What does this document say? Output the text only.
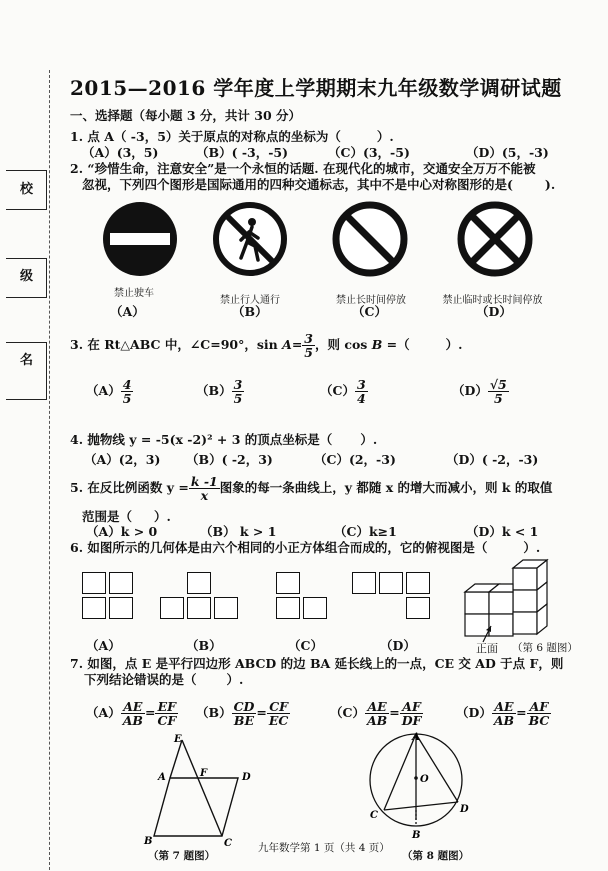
校
级
名
2015—2016 学年度上学期期末九年级数学调研试题
一、选择题（每小题 3 分，共计 30 分）
1. 点 A（ -3，5）关于原点的对称点的坐标为（	）.
（A）(3，5)	（B）( -3，-5)	（C）(3，-5)	（D）(5，-3)
2. “珍惜生命，注意安全”是一个永恒的话题. 在现代化的城市，交通安全万万不能被
忽视，下列四个图形是国际通用的四种交通标志，其中不是中心对称图形的是(	).
禁止驶车
禁止行人通行	禁止长时间停放	禁止临时或长时间停放
（A）	（B）	（C）	（D）
3. 在 Rt△ABC 中，∠C=90°，$\sin A= \frac{3}{5}$ ，则 cos B =（	）.
$(A) \frac{4}{5}$	$(B) \frac{3}{5}$	$(C) \frac{3}{4}$	$(D) \frac{√5}{5}$
4. 抛物线 y = -5(x -2)² + 3 的顶点坐标是（ ）.
（A）(2，3) （B）( -2，3)	（C）(2，-3)	（D）( -2，-3)
5. 在反比例函数 $y = \frac{k -1}{x}$ 图象的每一条曲线上，y 都随 x 的增大而减小，则 k 的取值
范围是（ ）.
（A）k > 0	（B） k > 1	（C）k≥1	（D）k < 1
6. 如图所示的几何体是由六个相同的小正方体组合而成的，它的俯视图是（	）.
（A）	（B）	（C）	（D）	正面 （第 6 题图）
7. 如图，点 E 是平行四边形 ABCD 的边 BA 延长线上的一点，CE 交 AD 于点 F，则
下列结论错误的是（ ）.
$(A) \frac{AE}{AB} = \frac{EF}{CF} (B) \frac{CD}{BE} = \frac{CF}{EC}$	$(C) \frac{AE}{AB} = \frac{AF}{DF}$	$(D) \frac{AE}{AB} = \frac{AF}{BC}$
E
A	F	D
B	C
（第 7 题图）
A
O
C
D
B
（第 8 题图）
九年数学第 1 页（共 4 页）
